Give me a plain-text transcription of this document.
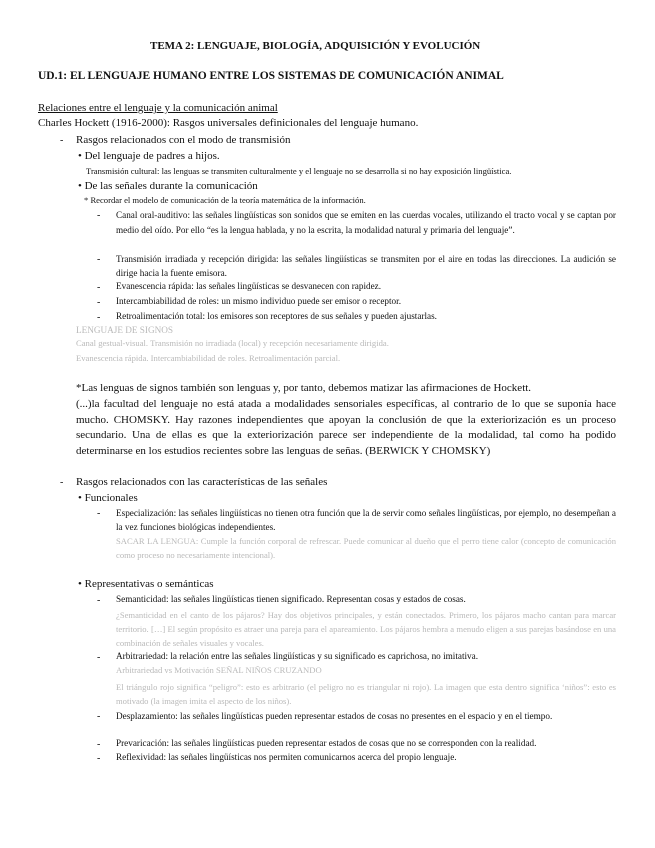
TEMA 2: LENGUAJE, BIOLOGÍA, ADQUISICIÓN Y EVOLUCIÓN
UD.1: EL LENGUAJE HUMANO ENTRE LOS SISTEMAS DE COMUNICACIÓN ANIMAL
Relaciones entre el lenguaje y la comunicación animal
Charles Hockett (1916-2000): Rasgos universales definicionales del lenguaje humano.
- Rasgos relacionados con el modo de transmisión
• Del lenguaje de padres a hijos.
Transmisión cultural: las lenguas se transmiten culturalmente y el lenguaje no se desarrolla si no hay exposición lingüística.
• De las señales durante la comunicación
* Recordar el modelo de comunicación de la teoría matemática de la información.
- Canal oral-auditivo: las señales lingüísticas son sonidos que se emiten en las cuerdas vocales, utilizando el tracto vocal y se captan por medio del oído. Por ello “es la lengua hablada, y no la escrita, la modalidad natural y primaria del lenguaje”.
- Transmisión irradiada y recepción dirigida: las señales lingüísticas se transmiten por el aire en todas las direcciones. La audición se dirige hacia la fuente emisora.
- Evanescencia rápida: las señales lingüísticas se desvanecen con rapidez.
- Intercambiabilidad de roles: un mismo individuo puede ser emisor o receptor.
- Retroalimentación total: los emisores son receptores de sus señales y pueden ajustarlas.
LENGUAJE DE SIGNOS
Canal gestual-visual. Transmisión no irradiada (local) y recepción necesariamente dirigida.
Evanescencia rápida. Intercambiabilidad de roles. Retroalimentación parcial.
*Las lenguas de signos también son lenguas y, por tanto, debemos matizar las afirmaciones de Hockett.
(...)la facultad del lenguaje no está atada a modalidades sensoriales específicas, al contrario de lo que se suponía hace mucho. CHOMSKY. Hay razones independientes que apoyan la conclusión de que la exteriorización es un proceso secundario. Una de ellas es que la exteriorización parece ser independiente de la modalidad, tal como ha podido determinarse en los estudios recientes sobre las lenguas de señas. (BERWICK Y CHOMSKY)
- Rasgos relacionados con las características de las señales
• Funcionales
- Especialización: las señales lingüísticas no tienen otra función que la de servir como señales lingüísticas, por ejemplo, no desempeñan a la vez funciones biológicas independientes.
SACAR LA LENGUA: Cumple la función corporal de refrescar. Puede comunicar al dueño que el perro tiene calor (concepto de comunicación como proceso no necesariamente intencional).
• Representativas o semánticas
- Semanticidad: las señales lingüísticas tienen significado. Representan cosas y estados de cosas.
¿Semanticidad en el canto de los pájaros? Hay dos objetivos principales, y están conectados. Primero, los pájaros macho cantan para marcar territorio. […] El según propósito es atraer una pareja para el apareamiento. Los pájaros hembra a menudo eligen a sus parejas basándose en una combinación de señales visuales y vocales.
- Arbitrariedad: la relación entre las señales lingüísticas y su significado es caprichosa, no imitativa.
Arbitrariedad vs Motivación SEÑAL NIÑOS CRUZANDO
El triángulo rojo significa “peligro”: esto es arbitrario (el peligro no es triangular ni rojo). La imagen que esta dentro significa ‘niños”: esto es motivado (la imagen imita el aspecto de los niños).
- Desplazamiento: las señales lingüísticas pueden representar estados de cosas no presentes en el espacio y en el tiempo.
- Prevaricación: las señales lingüísticas pueden representar estados de cosas que no se corresponden con la realidad.
- Reflexividad: las señales lingüísticas nos permiten comunicarnos acerca del propio lenguaje.
